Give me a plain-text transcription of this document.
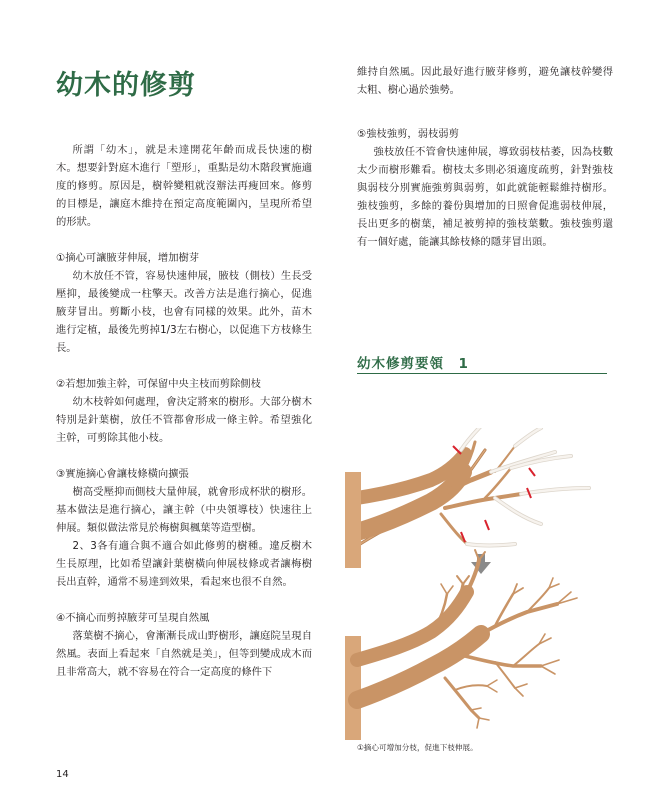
幼木的修剪

所謂「幼木」，就是未達開花年齡而成長快速的樹木。想要針對庭木進行「塑形」，重點是幼木階段實施適度的修剪。原因是，樹幹變粗就沒辦法再瘦回來。修剪的目標是，讓庭木維持在預定高度範圍內，呈現所希望的形狀。

①摘心可讓腋芽伸展，增加樹芽

幼木放任不管，容易快速伸展，腋枝（側枝）生長受壓抑，最後變成一柱擎天。改善方法是進行摘心，促進腋芽冒出。剪斷小枝，也會有同樣的效果。此外，苗木進行定植，最後先剪掉1/3左右樹心，以促進下方枝條生長。

②若想加強主幹，可保留中央主枝而剪除側枝

幼木枝幹如何處理，會決定將來的樹形。大部分樹木特別是針葉樹，放任不管都會形成一條主幹。希望強化主幹，可剪除其他小枝。

③實施摘心會讓枝條橫向擴張

樹高受壓抑而側枝大量伸展，就會形成杯狀的樹形。基本做法是進行摘心，讓主幹（中央領導枝）快速往上伸展。類似做法常見於梅樹與楓葉等造型樹。

2、3各有適合與不適合如此修剪的樹種。違反樹木生長原理，比如希望讓針葉樹橫向伸展枝條或者讓梅樹長出直幹，通常不易達到效果，看起來也很不自然。

④不摘心而剪掉腋芽可呈現自然風

落葉樹不摘心，會漸漸長成山野樹形，讓庭院呈現自然風。表面上看起來「自然就是美」，但等到變成成木而且非常高大，就不容易在符合一定高度的條件下

維持自然風。因此最好進行腋芽修剪，避免讓枝幹變得太粗、樹心過於強勢。

⑤強枝強剪，弱枝弱剪

強枝放任不管會快速伸展，導致弱枝枯萎，因為枝數太少而樹形難看。樹枝太多則必須適度疏剪，針對強枝與弱枝分別實施強剪與弱剪，如此就能輕鬆維持樹形。強枝強剪，多餘的養份與增加的日照會促進弱枝伸展，長出更多的樹葉，補足被剪掉的強枝葉數。強枝強剪還有一個好處，能讓其餘枝條的隱芽冒出頭。

幼木修剪要領　1
①摘心可增加分枝，促進下枝伸展。
14
